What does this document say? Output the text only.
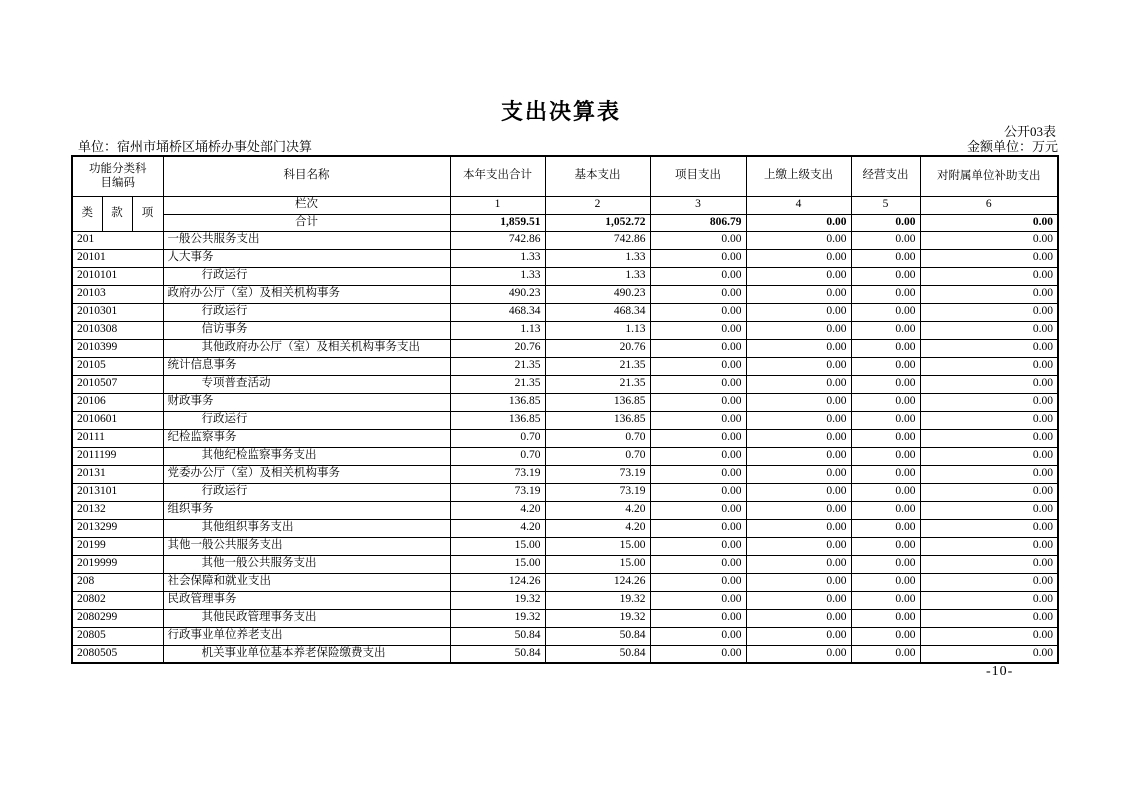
支出决算表
公开03表
单位：宿州市埇桥区埇桥办事处部门决算	金额单位：万元
功能分类科目编码			科目名称	本年支出合计	基本支出	项目支出	上缴上级支出	经营支出	对附属单位补助支出
类	款	项	栏次	1	2	3	4	5	6
			合计	1,859.51	1,052.72	806.79	0.00	0.00	0.00
201			一般公共服务支出	742.86	742.86	0.00	0.00	0.00	0.00
20101			人大事务	1.33	1.33	0.00	0.00	0.00	0.00
2010101			行政运行	1.33	1.33	0.00	0.00	0.00	0.00
20103			政府办公厅（室）及相关机构事务	490.23	490.23	0.00	0.00	0.00	0.00
2010301			行政运行	468.34	468.34	0.00	0.00	0.00	0.00
2010308			信访事务	1.13	1.13	0.00	0.00	0.00	0.00
2010399			其他政府办公厅（室）及相关机构事务支出	20.76	20.76	0.00	0.00	0.00	0.00
20105			统计信息事务	21.35	21.35	0.00	0.00	0.00	0.00
2010507			专项普查活动	21.35	21.35	0.00	0.00	0.00	0.00
20106			财政事务	136.85	136.85	0.00	0.00	0.00	0.00
2010601			行政运行	136.85	136.85	0.00	0.00	0.00	0.00
20111			纪检监察事务	0.70	0.70	0.00	0.00	0.00	0.00
2011199			其他纪检监察事务支出	0.70	0.70	0.00	0.00	0.00	0.00
20131			党委办公厅（室）及相关机构事务	73.19	73.19	0.00	0.00	0.00	0.00
2013101			行政运行	73.19	73.19	0.00	0.00	0.00	0.00
20132			组织事务	4.20	4.20	0.00	0.00	0.00	0.00
2013299			其他组织事务支出	4.20	4.20	0.00	0.00	0.00	0.00
20199			其他一般公共服务支出	15.00	15.00	0.00	0.00	0.00	0.00
2019999			其他一般公共服务支出	15.00	15.00	0.00	0.00	0.00	0.00
208			社会保障和就业支出	124.26	124.26	0.00	0.00	0.00	0.00
20802			民政管理事务	19.32	19.32	0.00	0.00	0.00	0.00
2080299			其他民政管理事务支出	19.32	19.32	0.00	0.00	0.00	0.00
20805			行政事业单位养老支出	50.84	50.84	0.00	0.00	0.00	0.00
2080505			机关事业单位基本养老保险缴费支出	50.84	50.84	0.00	0.00	0.00	0.00
-10-
